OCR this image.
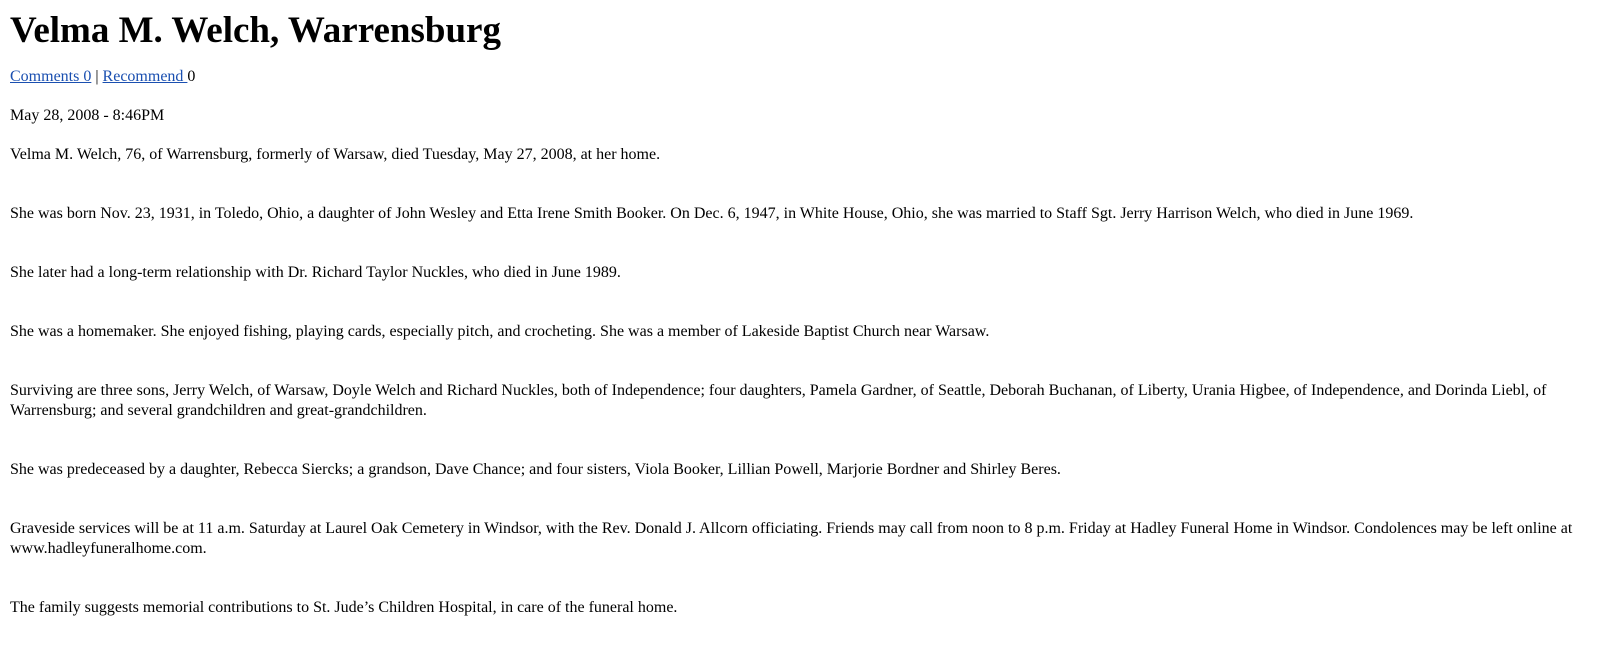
Velma M. Welch, Warrensburg
Comments 0 | Recommend 0
May 28, 2008 - 8:46PM

Velma M. Welch, 76, of Warrensburg, formerly of Warsaw, died Tuesday, May 27, 2008, at her home.

She was born Nov. 23, 1931, in Toledo, Ohio, a daughter of John Wesley and Etta Irene Smith Booker. On Dec. 6, 1947, in White House, Ohio, she was married to Staff Sgt. Jerry Harrison Welch, who died in June 1969.

She later had a long-term relationship with Dr. Richard Taylor Nuckles, who died in June 1989.

She was a homemaker. She enjoyed fishing, playing cards, especially pitch, and crocheting. She was a member of Lakeside Baptist Church near Warsaw.

Surviving are three sons, Jerry Welch, of Warsaw, Doyle Welch and Richard Nuckles, both of Independence; four daughters, Pamela Gardner, of Seattle, Deborah Buchanan, of Liberty, Urania Higbee, of Independence, and Dorinda Liebl, of Warrensburg; and several grandchildren and great-grandchildren.

She was predeceased by a daughter, Rebecca Siercks; a grandson, Dave Chance; and four sisters, Viola Booker, Lillian Powell, Marjorie Bordner and Shirley Beres.

Graveside services will be at 11 a.m. Saturday at Laurel Oak Cemetery in Windsor, with the Rev. Donald J. Allcorn officiating. Friends may call from noon to 8 p.m. Friday at Hadley Funeral Home in Windsor. Condolences may be left online at www.hadleyfuneralhome.com.

The family suggests memorial contributions to St. Jude’s Children Hospital, in care of the funeral home.
